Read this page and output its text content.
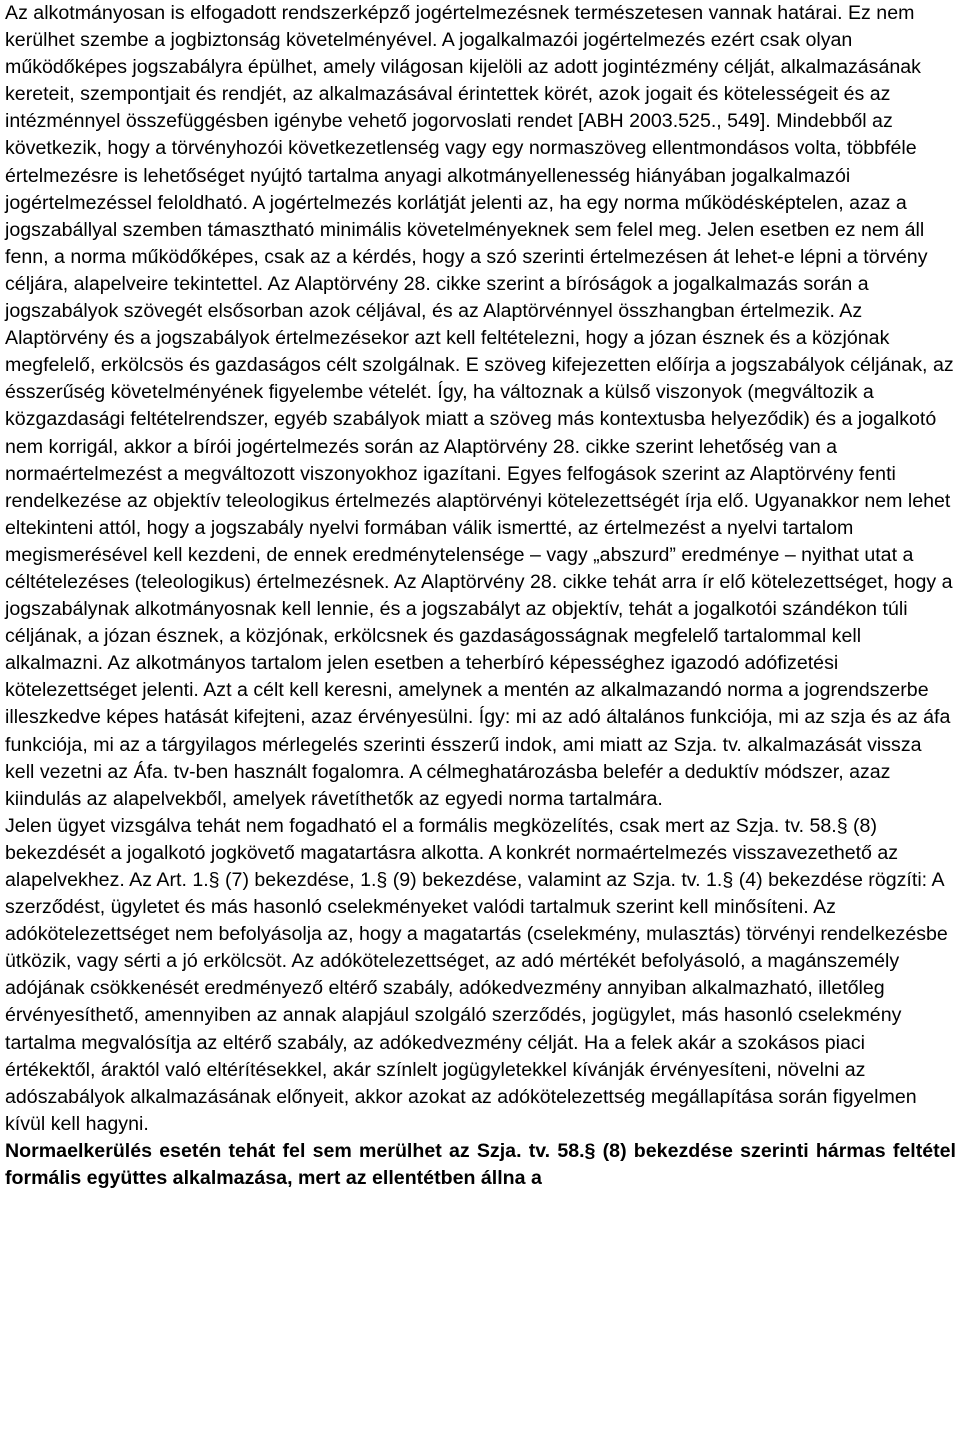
Az alkotmányosan is elfogadott rendszerképző jogértelmezésnek természetesen vannak határai. Ez nem kerülhet szembe a jogbiztonság követelményével. A jogalkalmazói jogértelmezés ezért csak olyan működőképes jogszabályra épülhet, amely világosan kijelöli az adott jogintézmény célját, alkalmazásának kereteit, szempontjait és rendjét, az alkalmazásával érintettek körét, azok jogait és kötelességeit és az intézménnyel összefüggésben igénybe vehető jogorvoslati rendet [ABH 2003.525., 549]. Mindebből az következik, hogy a törvényhozói következetlenség vagy egy normaszöveg ellentmondásos volta, többféle értelmezésre is lehetőséget nyújtó tartalma anyagi alkotmányellenesség hiányában jogalkalmazói jogértelmezéssel feloldható. A jogértelmezés korlátját jelenti az, ha egy norma működésképtelen, azaz a jogszabállyal szemben támasztható minimális követelményeknek sem felel meg. Jelen esetben ez nem áll fenn, a norma működőképes, csak az a kérdés, hogy a szó szerinti értelmezésen át lehet-e lépni a törvény céljára, alapelveire tekintettel. Az Alaptörvény 28. cikke szerint a bíróságok a jogalkalmazás során a jogszabályok szövegét elsősorban azok céljával, és az Alaptörvénnyel összhangban értelmezik. Az Alaptörvény és a jogszabályok értelmezésekor azt kell feltételezni, hogy a józan észnek és a közjónak megfelelő, erkölcsös és gazdaságos célt szolgálnak. E szöveg kifejezetten előírja a jogszabályok céljának, az ésszerűség követelményének figyelembe vételét. Így, ha változnak a külső viszonyok (megváltozik a közgazdasági feltételrendszer, egyéb szabályok miatt a szöveg más kontextusba helyeződik) és a jogalkotó nem korrigál, akkor a bírói jogértelmezés során az Alaptörvény 28. cikke szerint lehetőség van a normaértelmezést a megváltozott viszonyokhoz igazítani. Egyes felfogások szerint az Alaptörvény fenti rendelkezése az objektív teleologikus értelmezés alaptörvényi kötelezettségét írja elő. Ugyanakkor nem lehet eltekinteni attól, hogy a jogszabály nyelvi formában válik ismertté, az értelmezést a nyelvi tartalom megismerésével kell kezdeni, de ennek eredménytelensége – vagy „abszurd” eredménye – nyithat utat a céltételezéses (teleologikus) értelmezésnek. Az Alaptörvény 28. cikke tehát arra ír elő kötelezettséget, hogy a jogszabálynak alkotmányosnak kell lennie, és a jogszabályt az objektív, tehát a jogalkotói szándékon túli céljának, a józan észnek, a közjónak, erkölcsnek és gazdaságosságnak megfelelő tartalommal kell alkalmazni. Az alkotmányos tartalom jelen esetben a teherbíró képességhez igazodó adófizetési kötelezettséget jelenti. Azt a célt kell keresni, amelynek a mentén az alkalmazandó norma a jogrendszerbe illeszkedve képes hatását kifejteni, azaz érvényesülni. Így: mi az adó általános funkciója, mi az szja és az áfa funkciója, mi az a tárgyilagos mérlegelés szerinti ésszerű indok, ami miatt az Szja. tv. alkalmazását vissza kell vezetni az Áfa. tv-ben használt fogalomra. A célmeghatározásba belefér a deduktív módszer, azaz kiindulás az alapelvekből, amelyek rávetíthetők az egyedi norma tartalmára.

Jelen ügyet vizsgálva tehát nem fogadható el a formális megközelítés, csak mert az Szja. tv. 58.§ (8) bekezdését a jogalkotó jogkövető magatartásra alkotta. A konkrét normaértelmezés visszavezethető az alapelvekhez. Az Art. 1.§ (7) bekezdése, 1.§ (9) bekezdése, valamint az Szja. tv. 1.§ (4) bekezdése rögzíti: A szerződést, ügyletet és más hasonló cselekményeket valódi tartalmuk szerint kell minősíteni. Az adókötelezettséget nem befolyásolja az, hogy a magatartás (cselekmény, mulasztás) törvényi rendelkezésbe ütközik, vagy sérti a jó erkölcsöt. Az adókötelezettséget, az adó mértékét befolyásoló, a magánszemély adójának csökkenését eredményező eltérő szabály, adókedvezmény annyiban alkalmazható, illetőleg érvényesíthető, amennyiben az annak alapjául szolgáló szerződés, jogügylet, más hasonló cselekmény tartalma megvalósítja az eltérő szabály, az adókedvezmény célját. Ha a felek akár a szokásos piaci értékektől, áraktól való eltérítésekkel, akár színlelt jogügyletekkel kívánják érvényesíteni, növelni az adószabályok alkalmazásának előnyeit, akkor azokat az adókötelezettség megállapítása során figyelmen kívül kell hagyni.

Normaelkerülés esetén tehát fel sem merülhet az Szja. tv. 58.§ (8) bekezdése szerinti hármas feltétel formális együttes alkalmazása, mert az ellentétben állna a
